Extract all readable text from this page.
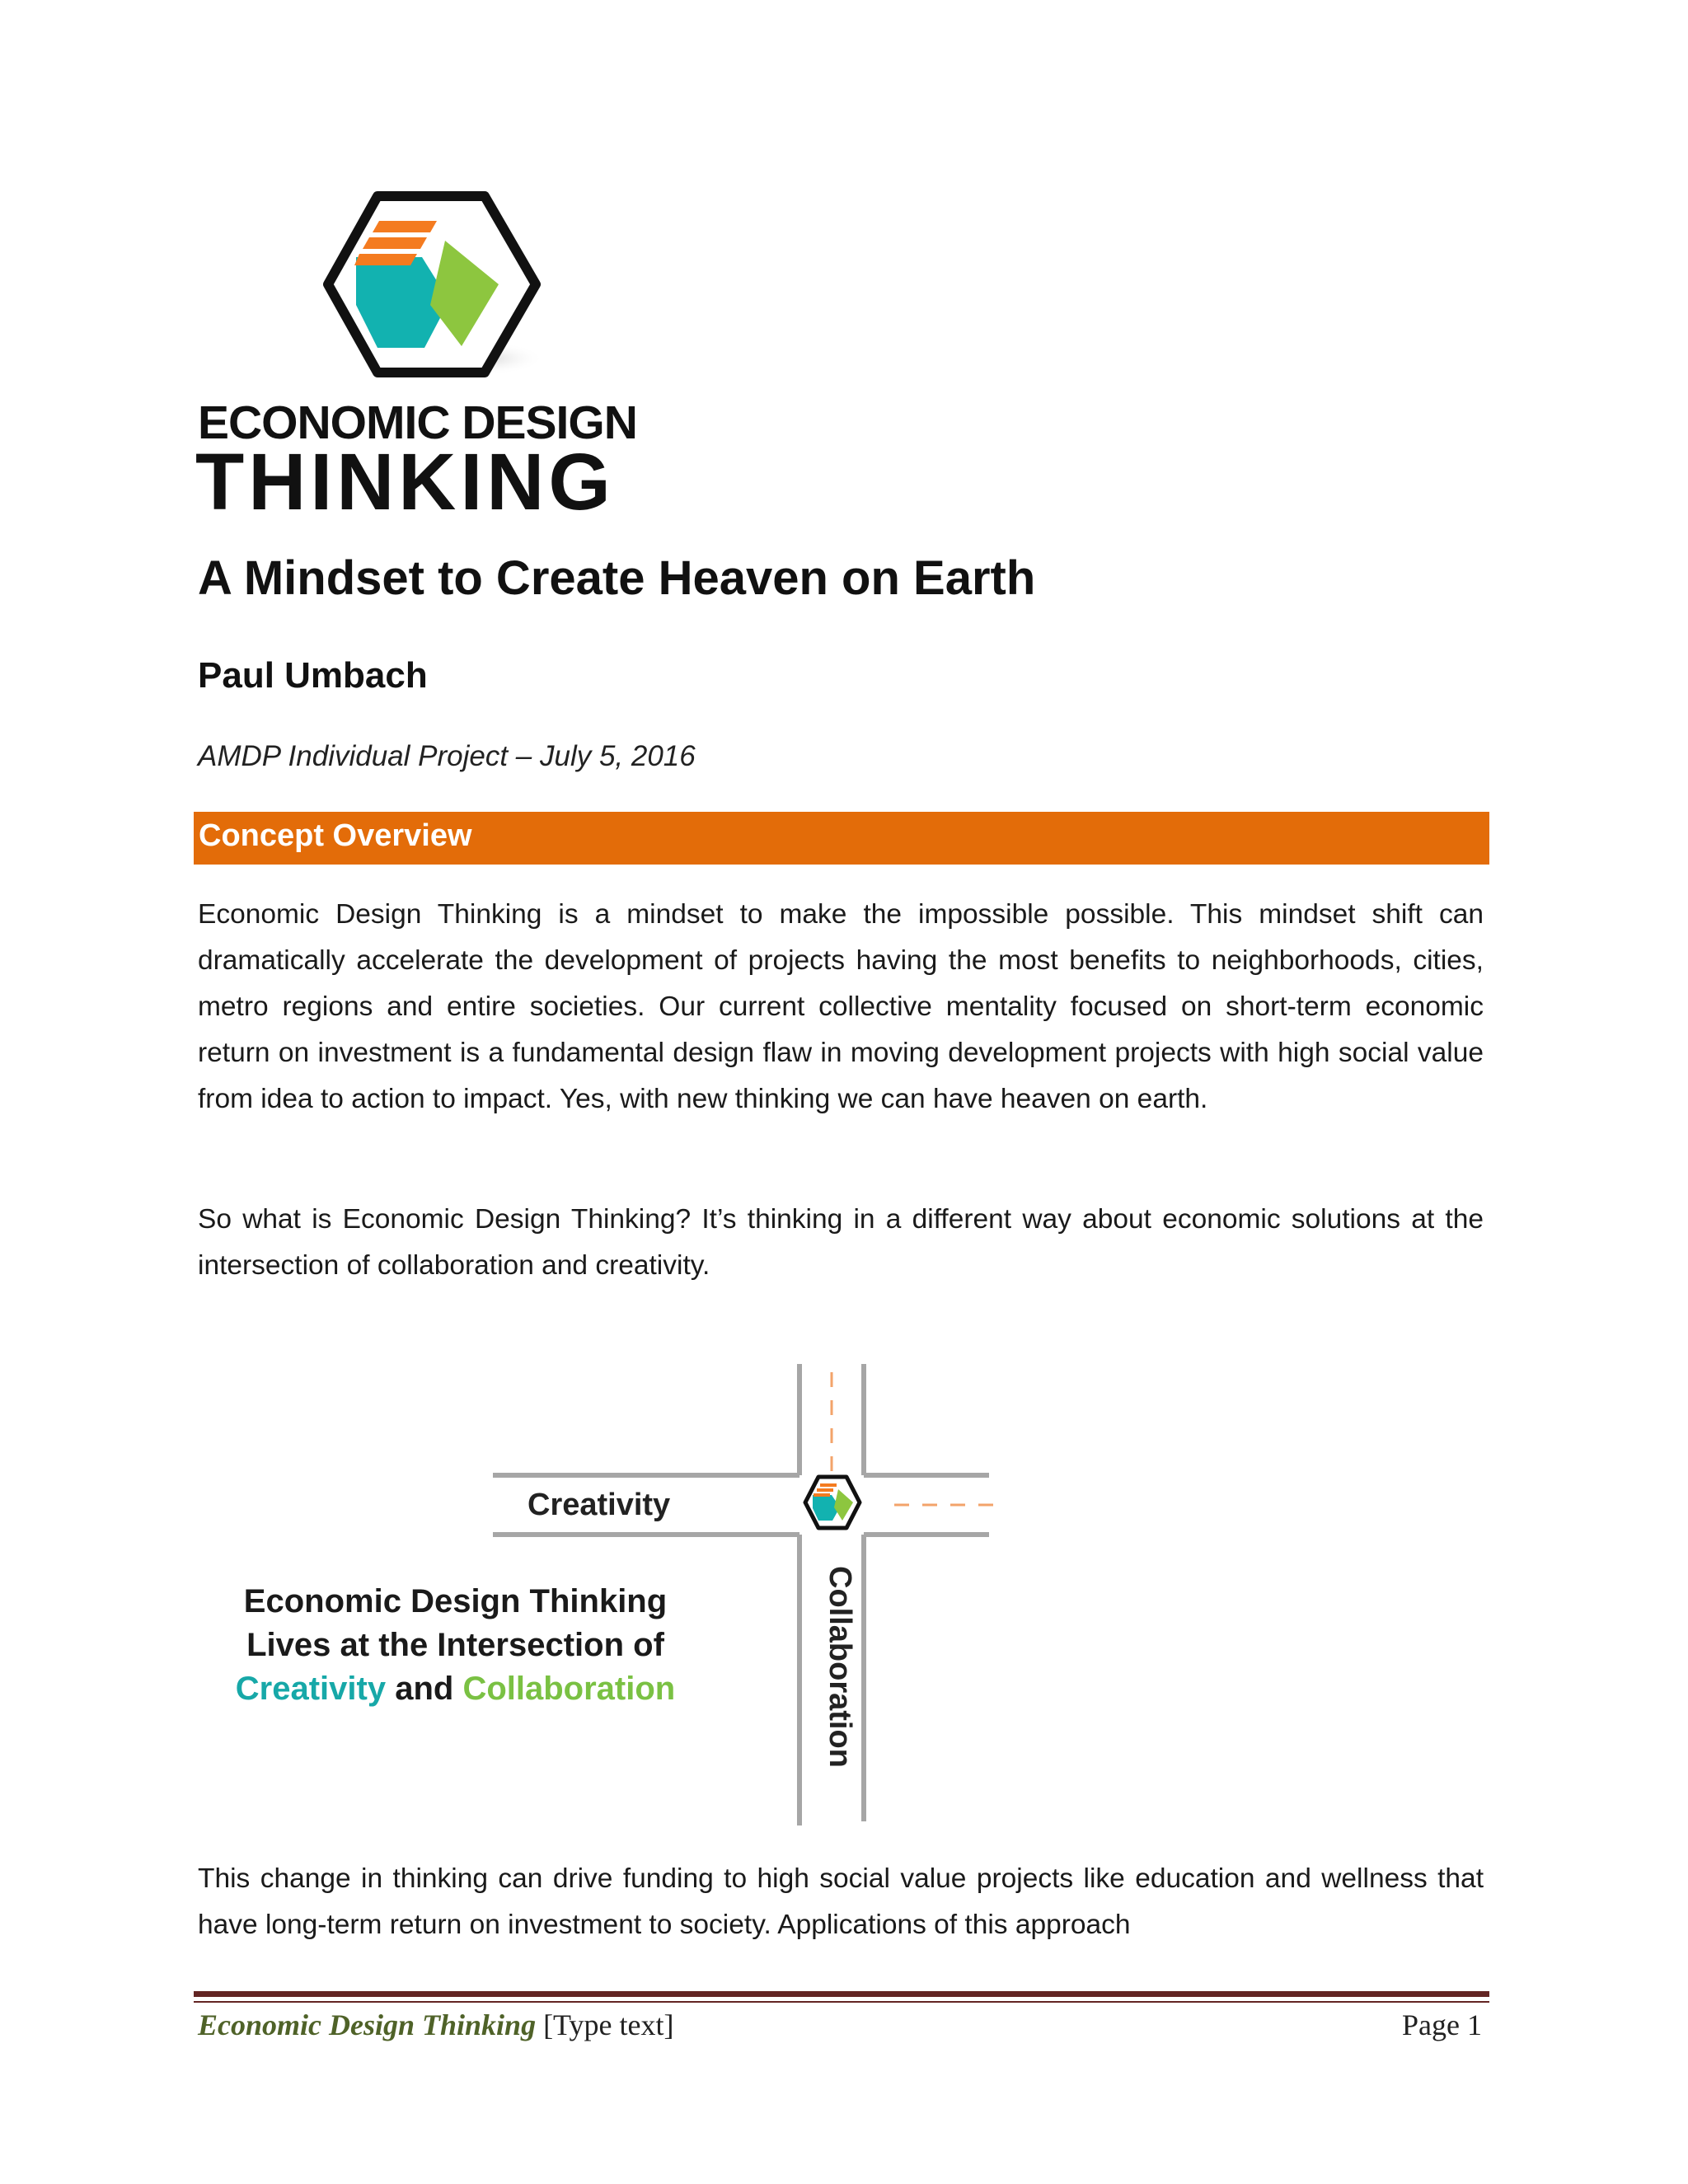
ECONOMIC DESIGN
THINKING
A Mindset to Create Heaven on Earth
Paul Umbach

AMDP Individual Project – July 5, 2016

Concept Overview

Economic Design Thinking is a mindset to make the impossible possible. This mindset shift can dramatically accelerate the development of projects having the most benefits to neighborhoods, cities, metro regions and entire societies. Our current collective mentality focused on short-term economic return on investment is a fundamental design flaw in moving development projects with high social value from idea to action to impact. Yes, with new thinking we can have heaven on earth.

So what is Economic Design Thinking? It’s thinking in a different way about economic solutions at the intersection of collaboration and creativity.

Creativity
Collaboration
Economic Design Thinking
Lives at the Intersection of
Creativity and Collaboration

This change in thinking can drive funding to high social value projects like education and wellness that have long-term return on investment to society. Applications of this approach

Economic Design Thinking [Type text]	Page 1
